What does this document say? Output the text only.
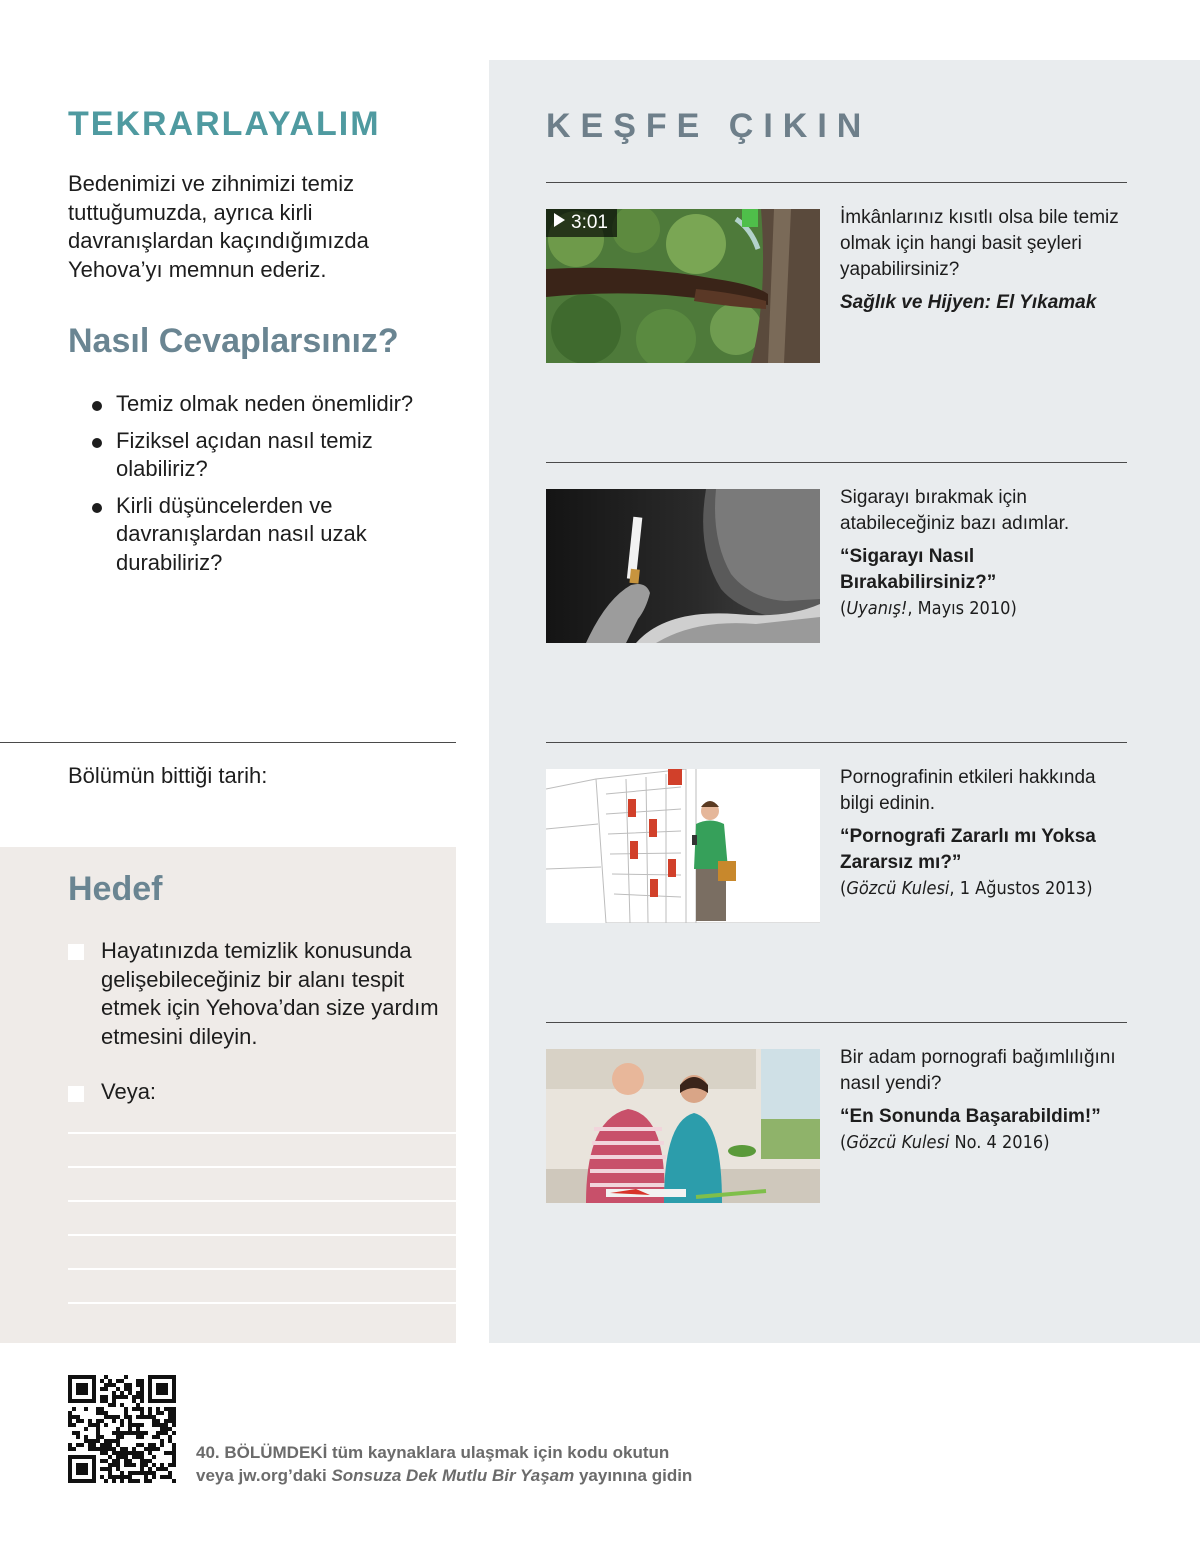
TEKRARLAYALIM
Bedenimizi ve zihnimizi temiz tuttuğumuzda, ayrıca kirli davranışlardan kaçındığımızda Yehova’yı memnun ederiz.
Nasıl Cevaplarsınız?
Temiz olmak neden önemlidir?
Fiziksel açıdan nasıl temiz olabiliriz?
Kirli düşüncelerden ve davranışlardan nasıl uzak durabiliriz?
Bölümün bittiği tarih:
Hedef
Hayatınızda temizlik konusunda gelişebileceğiniz bir alanı tespit etmek için Yehova’dan size yardım etmesini dileyin.
Veya:
KEŞFE ÇIKIN
3:01	İmkânlarınız kısıtlı olsa bile temiz olmak için hangi basit şeyleri yapabilirsiniz?
Sağlık ve Hijyen: El Yıkamak
Sigarayı bırakmak için atabileceğiniz bazı adımlar.
“Sigarayı Nasıl Bırakabilirsiniz?”
(Uyanış!, Mayıs 2010)
Pornografinin etkileri hakkında bilgi edinin.
“Pornografi Zararlı mı Yoksa Zararsız mı?”
(Gözcü Kulesi, 1 Ağustos 2013)
Bir adam pornografi bağımlılığını nasıl yendi?
“En Sonunda Başarabildim!”
(Gözcü Kulesi No. 4 2016)
40. BÖLÜMDEKİ tüm kaynaklara ulaşmak için kodu okutun
veya jw.org’daki Sonsuza Dek Mutlu Bir Yaşam yayınına gidin
